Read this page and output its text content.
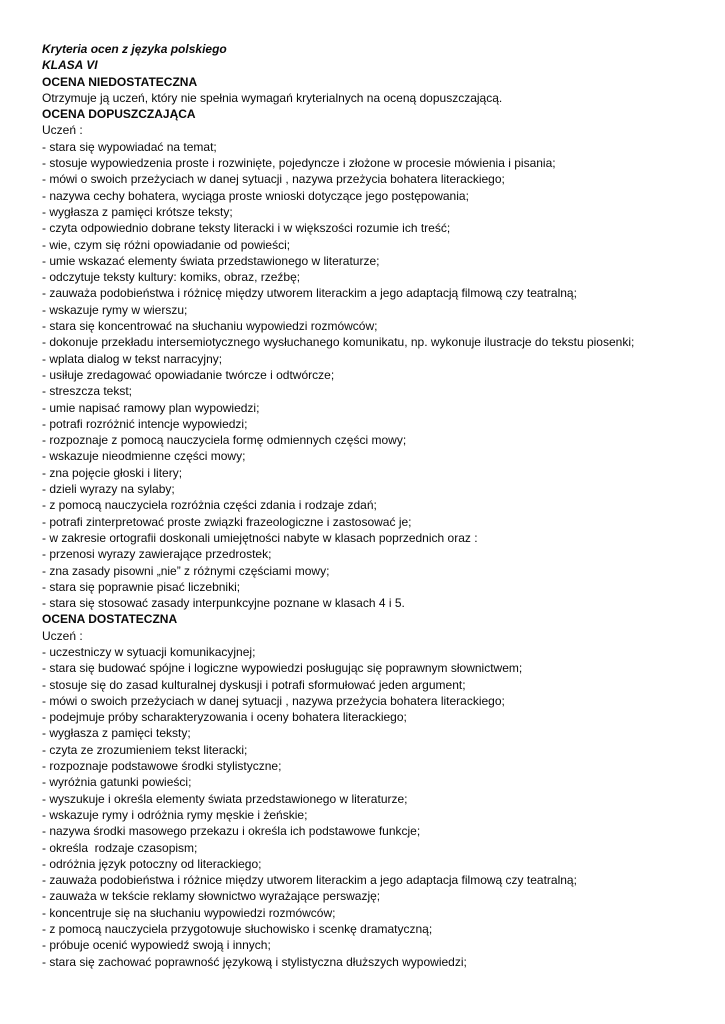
Kryteria ocen z języka polskiego
KLASA VI
OCENA NIEDOSTATECZNA
Otrzymuje ją uczeń, który nie spełnia wymagań kryterialnych na oceną dopuszczającą.
OCENA DOPUSZCZAJĄCA
Uczeń :
- stara się wypowiadać na temat;
- stosuje wypowiedzenia proste i rozwinięte, pojedyncze i złożone w procesie mówienia i pisania;
- mówi o swoich przeżyciach w danej sytuacji , nazywa przeżycia bohatera literackiego;
- nazywa cechy bohatera, wyciąga proste wnioski dotyczące jego postępowania;
- wygłasza z pamięci krótsze teksty;
- czyta odpowiednio dobrane teksty literacki i w większości rozumie ich treść;
- wie, czym się różni opowiadanie od powieści;
- umie wskazać elementy świata przedstawionego w literaturze;
- odczytuje teksty kultury: komiks, obraz, rzeźbę;
- zauważa podobieństwa i różnicę między utworem literackim a jego adaptacją filmową czy teatralną;
- wskazuje rymy w wierszu;
- stara się koncentrować na słuchaniu wypowiedzi rozmówców;
- dokonuje przekładu intersemiotycznego wysłuchanego komunikatu, np. wykonuje ilustracje do tekstu piosenki;
- wplata dialog w tekst narracyjny;
- usiłuje zredagować opowiadanie twórcze i odtwórcze;
- streszcza tekst;
- umie napisać ramowy plan wypowiedzi;
- potrafi rozróżnić intencje wypowiedzi;
- rozpoznaje z pomocą nauczyciela formę odmiennych części mowy;
- wskazuje nieodmienne części mowy;
- zna pojęcie głoski i litery;
- dzieli wyrazy na sylaby;
- z pomocą nauczyciela rozróżnia części zdania i rodzaje zdań;
- potrafi zinterpretować proste związki frazeologiczne i zastosować je;
- w zakresie ortografii doskonali umiejętności nabyte w klasach poprzednich oraz :
- przenosi wyrazy zawierające przedrostek;
- zna zasady pisowni „nie” z różnymi częściami mowy;
- stara się poprawnie pisać liczebniki;
- stara się stosować zasady interpunkcyjne poznane w klasach 4 i 5.
OCENA DOSTATECZNA
Uczeń :
- uczestniczy w sytuacji komunikacyjnej;
- stara się budować spójne i logiczne wypowiedzi posługując się poprawnym słownictwem;
- stosuje się do zasad kulturalnej dyskusji i potrafi sformułować jeden argument;
- mówi o swoich przeżyciach w danej sytuacji , nazywa przeżycia bohatera literackiego;
- podejmuje próby scharakteryzowania i oceny bohatera literackiego;
- wygłasza z pamięci teksty;
- czyta ze zrozumieniem tekst literacki;
- rozpoznaje podstawowe środki stylistyczne;
- wyróżnia gatunki powieści;
- wyszukuje i określa elementy świata przedstawionego w literaturze;
- wskazuje rymy i odróżnia rymy męskie i żeńskie;
- nazywa środki masowego przekazu i określa ich podstawowe funkcje;
- określa  rodzaje czasopism;
- odróżnia język potoczny od literackiego;
- zauważa podobieństwa i różnice między utworem literackim a jego adaptacja filmową czy teatralną;
- zauważa w tekście reklamy słownictwo wyrażające perswazję;
- koncentruje się na słuchaniu wypowiedzi rozmówców;
- z pomocą nauczyciela przygotowuje słuchowisko i scenkę dramatyczną;
- próbuje ocenić wypowiedź swoją i innych;
- stara się zachować poprawność językową i stylistyczna dłuższych wypowiedzi;
